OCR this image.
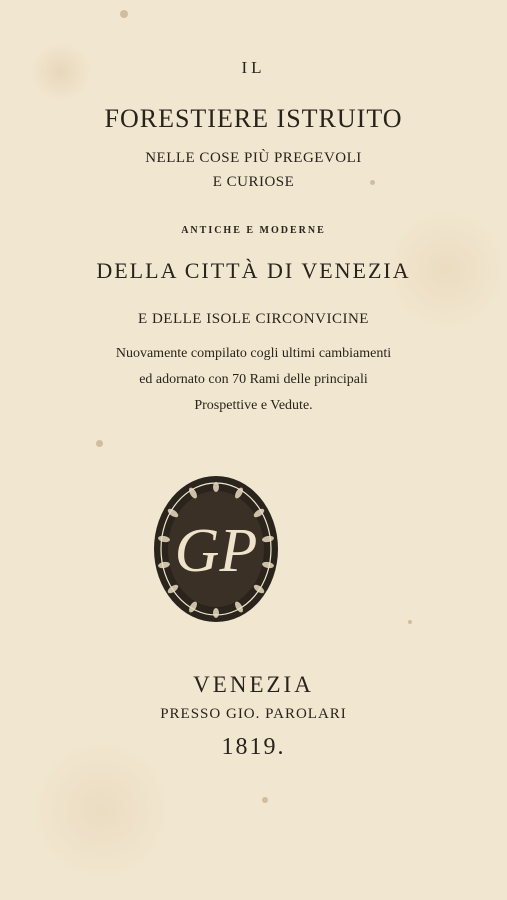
IL
FORESTIERE ISTRUITO
NELLE COSE PIÙ PREGEVOLI
E CURIOSE
ANTICHE E MODERNE
DELLA CITTÀ DI VENEZIA
E DELLE ISOLE CIRCONVICINE
Nuovamente compilato cogli ultimi cambiamenti
ed adornato con 70 Rami delle principali
Prospettive e Vedute.
GP
VENEZIA
PRESSO GIO. PAROLARI
1819.
